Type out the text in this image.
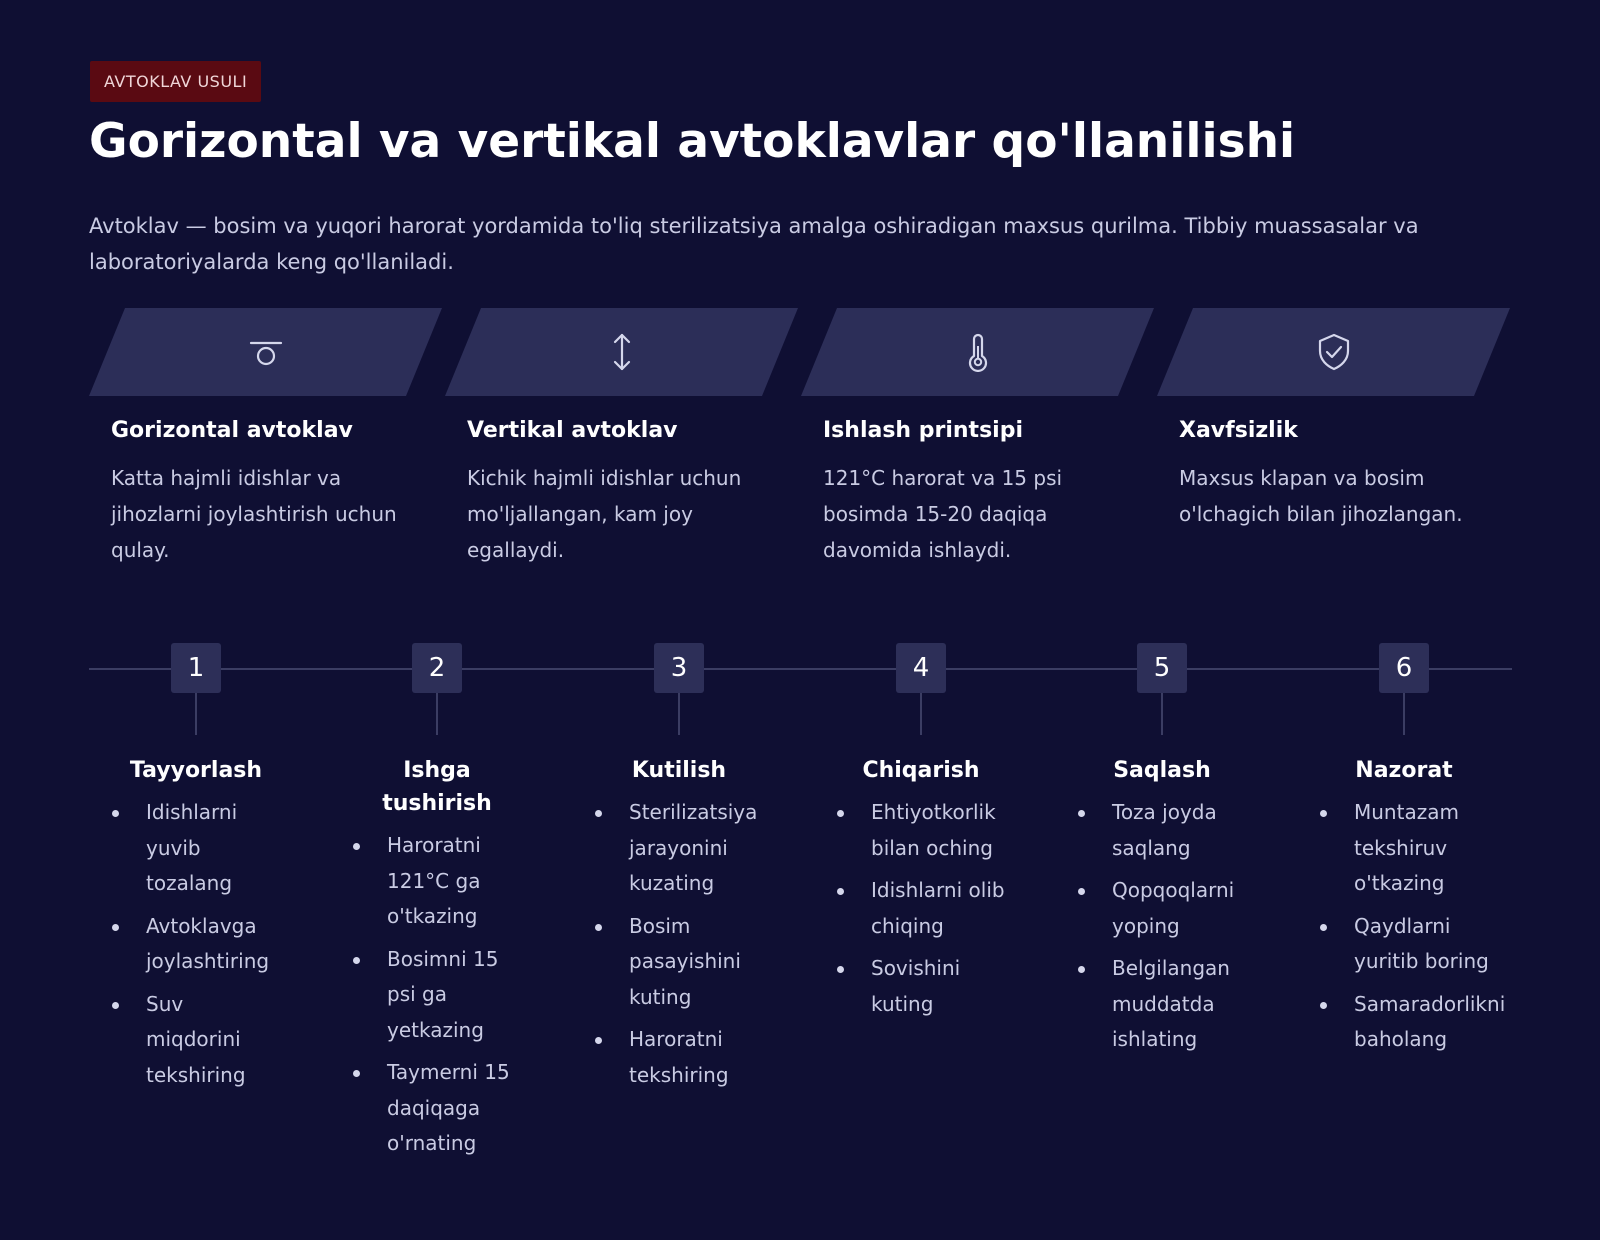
AVTOKLAV USULI
Gorizontal va vertikal avtoklavlar qo'llanilishi

Avtoklav — bosim va yuqori harorat yordamida to'liq sterilizatsiya amalga oshiradigan maxsus qurilma. Tibbiy muassasalar va laboratoriyalarda keng qo'llaniladi.

Gorizontal avtoklav

Katta hajmli idishlar va jihozlarni joylashtirish uchun qulay.

Vertikal avtoklav

Kichik hajmli idishlar uchun mo'ljallangan, kam joy egallaydi.

Ishlash printsipi

121°C harorat va 15 psi bosimda 15-20 daqiqa davomida ishlaydi.

Xavfsizlik

Maxsus klapan va bosim o'lchagich bilan jihozlangan.

1
Tayyorlash
Idishlarni yuvib tozalang
Avtoklavga joylashtiring
Suv miqdorini tekshiring
2
Ishga tushirish
Haroratni 121°C ga o'tkazing
Bosimni 15 psi ga yetkazing
Taymerni 15 daqiqaga o'rnating
3
Kutilish
Sterilizatsiya jarayonini kuzating
Bosim pasayishini kuting
Haroratni tekshiring
4
Chiqarish
Ehtiyotkorlik bilan oching
Idishlarni olib chiqing
Sovishini kuting
5
Saqlash
Toza joyda saqlang
Qopqoqlarni yoping
Belgilangan muddatda ishlating
6
Nazorat
Muntazam tekshiruv o'tkazing
Qaydlarni yuritib boring
Samaradorlikni baholang
